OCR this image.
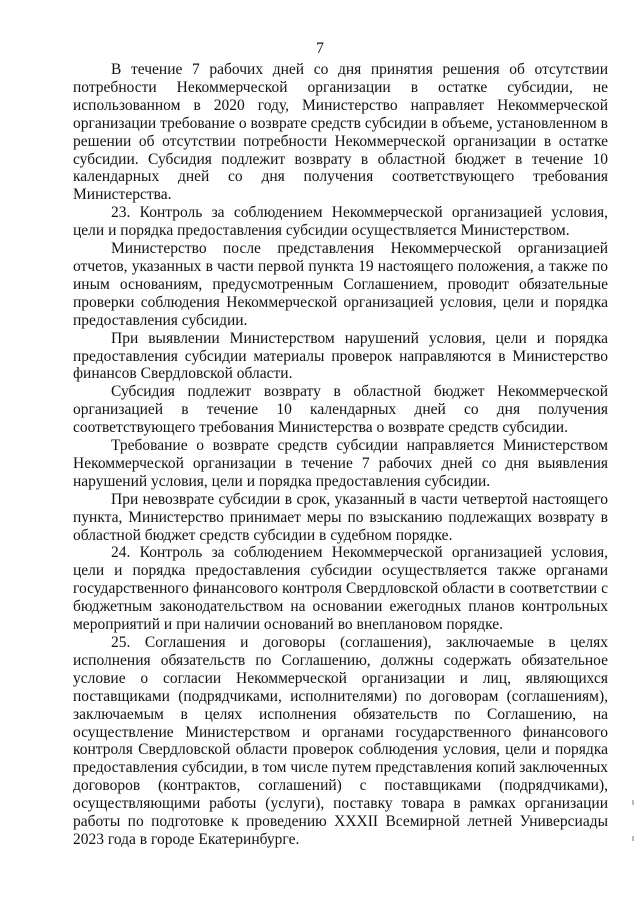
7

В течение 7 рабочих дней со дня принятия решения об отсутствии потребности Некоммерческой организации в остатке субсидии, не использованном в 2020 году, Министерство направляет Некоммерческой организации требование о возврате средств субсидии в объеме, установленном в решении об отсутствии потребности Некоммерческой организации в остатке субсидии. Субсидия подлежит возврату в областной бюджет в течение 10 календарных дней со дня получения соответствующего требования Министерства.

23. Контроль за соблюдением Некоммерческой организацией условия, цели и порядка предоставления субсидии осуществляется Министерством.

Министерство после представления Некоммерческой организацией отчетов, указанных в части первой пункта 19 настоящего положения, а также по иным основаниям, предусмотренным Соглашением, проводит обязательные проверки соблюдения Некоммерческой организацией условия, цели и порядка предоставления субсидии.

При выявлении Министерством нарушений условия, цели и порядка предоставления субсидии материалы проверок направляются в Министерство финансов Свердловской области.

Субсидия подлежит возврату в областной бюджет Некоммерческой организацией в течение 10 календарных дней со дня получения соответствующего требования Министерства о возврате средств субсидии.

Требование о возврате средств субсидии направляется Министерством Некоммерческой организации в течение 7 рабочих дней со дня выявления нарушений условия, цели и порядка предоставления субсидии.

При невозврате субсидии в срок, указанный в части четвертой настоящего пункта, Министерство принимает меры по взысканию подлежащих возврату в областной бюджет средств субсидии в судебном порядке.

24. Контроль за соблюдением Некоммерческой организацией условия, цели и порядка предоставления субсидии осуществляется также органами государственного финансового контроля Свердловской области в соответствии с бюджетным законодательством на основании ежегодных планов контрольных мероприятий и при наличии оснований во внеплановом порядке.

25. Соглашения и договоры (соглашения), заключаемые в целях исполнения обязательств по Соглашению, должны содержать обязательное условие о согласии Некоммерческой организации и лиц, являющихся поставщиками (подрядчиками, исполнителями) по договорам (соглашениям), заключаемым в целях исполнения обязательств по Соглашению, на осуществление Министерством и органами государственного финансового контроля Свердловской области проверок соблюдения условия, цели и порядка предоставления субсидии, в том числе путем представления копий заключенных договоров (контрактов, соглашений) с поставщиками (подрядчиками), осуществляющими работы (услуги), поставку товара в рамках организации работы по подготовке к проведению XXXII Всемирной летней Универсиады 2023 года в городе Екатеринбурге.
